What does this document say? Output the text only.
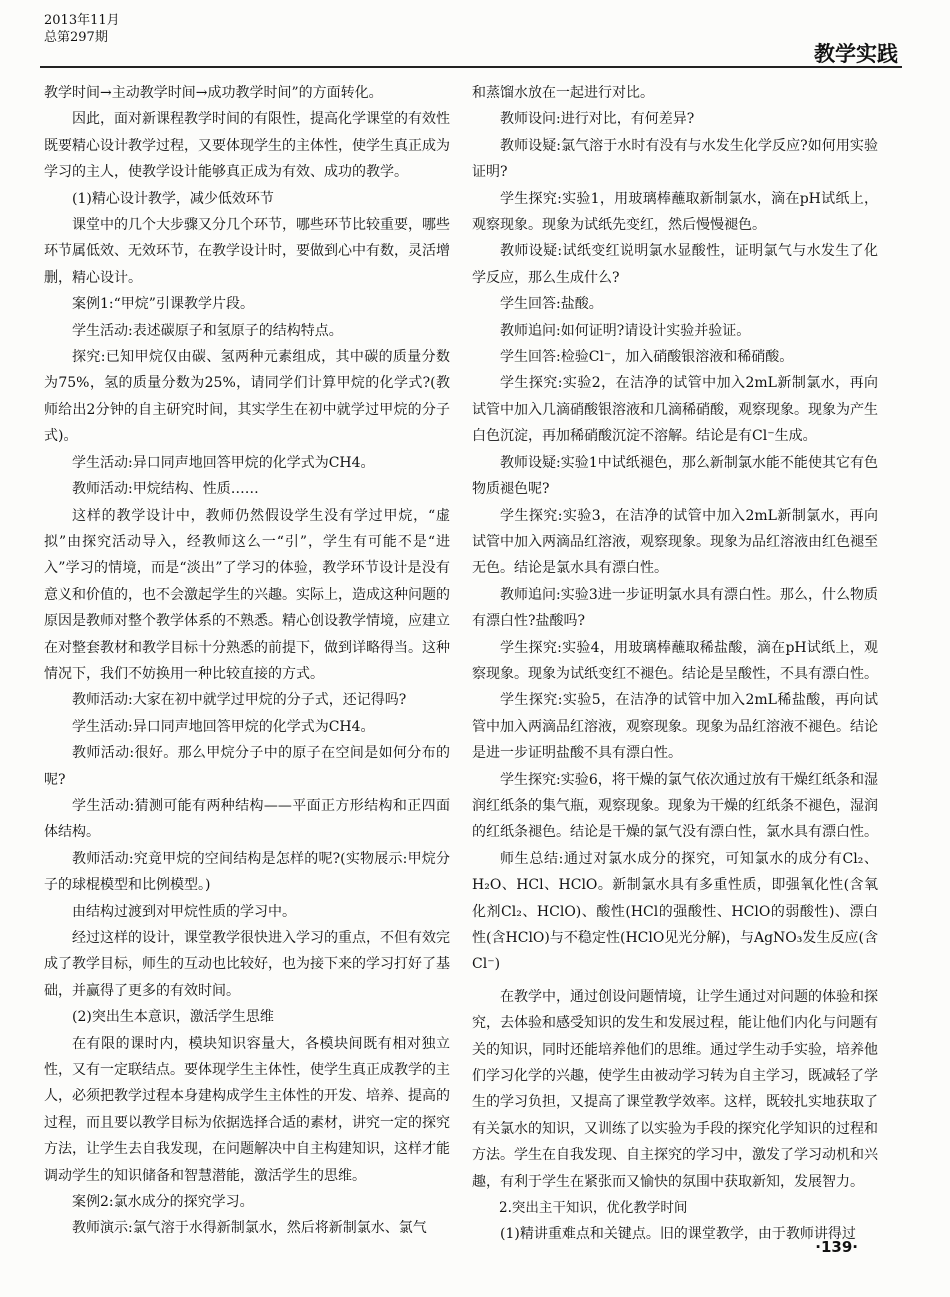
2013年11月
总第297期
教学实践

教学时间→主动教学时间→成功教学时间”的方面转化。

因此，面对新课程教学时间的有限性，提高化学课堂的有效性既要精心设计教学过程，又要体现学生的主体性，使学生真正成为学习的主人，使教学设计能够真正成为有效、成功的教学。

(1)精心设计教学，减少低效环节

课堂中的几个大步骤又分几个环节，哪些环节比较重要，哪些环节属低效、无效环节，在教学设计时，要做到心中有数，灵活增删，精心设计。

案例1:“甲烷”引课教学片段。

学生活动:表述碳原子和氢原子的结构特点。

探究:已知甲烷仅由碳、氢两种元素组成，其中碳的质量分数为75%，氢的质量分数为25%，请同学们计算甲烷的化学式?(教师给出2分钟的自主研究时间，其实学生在初中就学过甲烷的分子式)。

学生活动:异口同声地回答甲烷的化学式为CH4。

教师活动:甲烷结构、性质……

这样的教学设计中，教师仍然假设学生没有学过甲烷，“虚拟”由探究活动导入，经教师这么一“引”，学生有可能不是“进入”学习的情境，而是“淡出”了学习的体验，教学环节设计是没有意义和价值的，也不会激起学生的兴趣。实际上，造成这种问题的原因是教师对整个教学体系的不熟悉。精心创设教学情境，应建立在对整套教材和教学目标十分熟悉的前提下，做到详略得当。这种情况下，我们不妨换用一种比较直接的方式。

教师活动:大家在初中就学过甲烷的分子式，还记得吗?

学生活动:异口同声地回答甲烷的化学式为CH4。

教师活动:很好。那么甲烷分子中的原子在空间是如何分布的呢?

学生活动:猜测可能有两种结构——平面正方形结构和正四面体结构。

教师活动:究竟甲烷的空间结构是怎样的呢?(实物展示:甲烷分子的球棍模型和比例模型。)

由结构过渡到对甲烷性质的学习中。

经过这样的设计，课堂教学很快进入学习的重点，不但有效完成了教学目标，师生的互动也比较好，也为接下来的学习打好了基础，并赢得了更多的有效时间。

(2)突出生本意识，激活学生思维

在有限的课时内，模块知识容量大，各模块间既有相对独立性，又有一定联结点。要体现学生主体性，使学生真正成教学的主人，必须把教学过程本身建构成学生主体性的开发、培养、提高的过程，而且要以教学目标为依据选择合适的素材，讲究一定的探究方法，让学生去自我发现，在问题解决中自主构建知识，这样才能调动学生的知识储备和智慧潜能，激活学生的思维。

案例2:氯水成分的探究学习。

教师演示:氯气溶于水得新制氯水，然后将新制氯水、氯气

和蒸馏水放在一起进行对比。

教师设问:进行对比，有何差异?

教师设疑:氯气溶于水时有没有与水发生化学反应?如何用实验证明?

学生探究:实验1，用玻璃棒蘸取新制氯水，滴在pH试纸上，观察现象。现象为试纸先变红，然后慢慢褪色。

教师设疑:试纸变红说明氯水显酸性，证明氯气与水发生了化学反应，那么生成什么?

学生回答:盐酸。

教师追问:如何证明?请设计实验并验证。

学生回答:检验Cl⁻，加入硝酸银溶液和稀硝酸。

学生探究:实验2，在洁净的试管中加入2mL新制氯水，再向试管中加入几滴硝酸银溶液和几滴稀硝酸，观察现象。现象为产生白色沉淀，再加稀硝酸沉淀不溶解。结论是有Cl⁻生成。

教师设疑:实验1中试纸褪色，那么新制氯水能不能使其它有色物质褪色呢?

学生探究:实验3，在洁净的试管中加入2mL新制氯水，再向试管中加入两滴品红溶液，观察现象。现象为品红溶液由红色褪至无色。结论是氯水具有漂白性。

教师追问:实验3进一步证明氯水具有漂白性。那么，什么物质有漂白性?盐酸吗?

学生探究:实验4，用玻璃棒蘸取稀盐酸，滴在pH试纸上，观察现象。现象为试纸变红不褪色。结论是呈酸性，不具有漂白性。

学生探究:实验5，在洁净的试管中加入2mL稀盐酸，再向试管中加入两滴品红溶液，观察现象。现象为品红溶液不褪色。结论是进一步证明盐酸不具有漂白性。

学生探究:实验6，将干燥的氯气依次通过放有干燥红纸条和湿润红纸条的集气瓶，观察现象。现象为干燥的红纸条不褪色，湿润的红纸条褪色。结论是干燥的氯气没有漂白性，氯水具有漂白性。

师生总结:通过对氯水成分的探究，可知氯水的成分有Cl₂、H₂O、HCl、HClO。新制氯水具有多重性质，即强氧化性(含氧化剂Cl₂、HClO)、酸性(HCl的强酸性、HClO的弱酸性)、漂白性(含HClO)与不稳定性(HClO见光分解)，与AgNO₃发生反应(含Cl⁻)

在教学中，通过创设问题情境，让学生通过对问题的体验和探究，去体验和感受知识的发生和发展过程，能让他们内化与问题有关的知识，同时还能培养他们的思维。通过学生动手实验，培养他们学习化学的兴趣，使学生由被动学习转为自主学习，既减轻了学生的学习负担，又提高了课堂教学效率。这样，既较扎实地获取了有关氯水的知识，又训练了以实验为手段的探究化学知识的过程和方法。学生在自我发现、自主探究的学习中，激发了学习动机和兴趣，有利于学生在紧张而又愉快的氛围中获取新知，发展智力。

2.突出主干知识，优化教学时间

(1)精讲重难点和关键点。旧的课堂教学，由于教师讲得过

·139·
